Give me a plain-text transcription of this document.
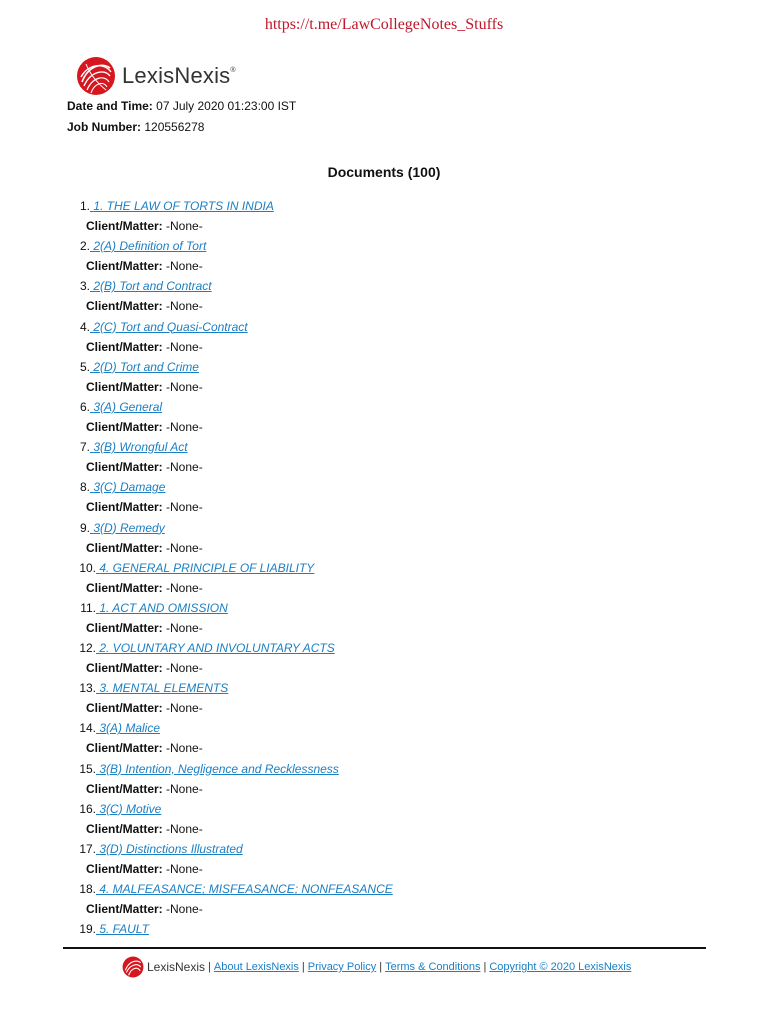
https://t.me/LawCollegeNotes_Stuffs
LexisNexis®
Date and Time: 07 July 2020 01:23:00 IST
Job Number: 120556278
Documents (100)
1. 1. THE LAW OF TORTS IN INDIA
Client/Matter: -None-
2. 2(A) Definition of Tort
Client/Matter: -None-
3. 2(B) Tort and Contract
Client/Matter: -None-
4. 2(C) Tort and Quasi-Contract
Client/Matter: -None-
5. 2(D) Tort and Crime
Client/Matter: -None-
6. 3(A) General
Client/Matter: -None-
7. 3(B) Wrongful Act
Client/Matter: -None-
8. 3(C) Damage
Client/Matter: -None-
9. 3(D) Remedy
Client/Matter: -None-
10. 4. GENERAL PRINCIPLE OF LIABILITY
Client/Matter: -None-
11. 1. ACT AND OMISSION
Client/Matter: -None-
12. 2. VOLUNTARY AND INVOLUNTARY ACTS
Client/Matter: -None-
13. 3. MENTAL ELEMENTS
Client/Matter: -None-
14. 3(A) Malice
Client/Matter: -None-
15. 3(B) Intention, Negligence and Recklessness
Client/Matter: -None-
16. 3(C) Motive
Client/Matter: -None-
17. 3(D) Distinctions Illustrated
Client/Matter: -None-
18. 4. MALFEASANCE; MISFEASANCE; NONFEASANCE
Client/Matter: -None-
19. 5. FAULT
LexisNexis | About LexisNexis | Privacy Policy | Terms & Conditions | Copyright © 2020 LexisNexis
